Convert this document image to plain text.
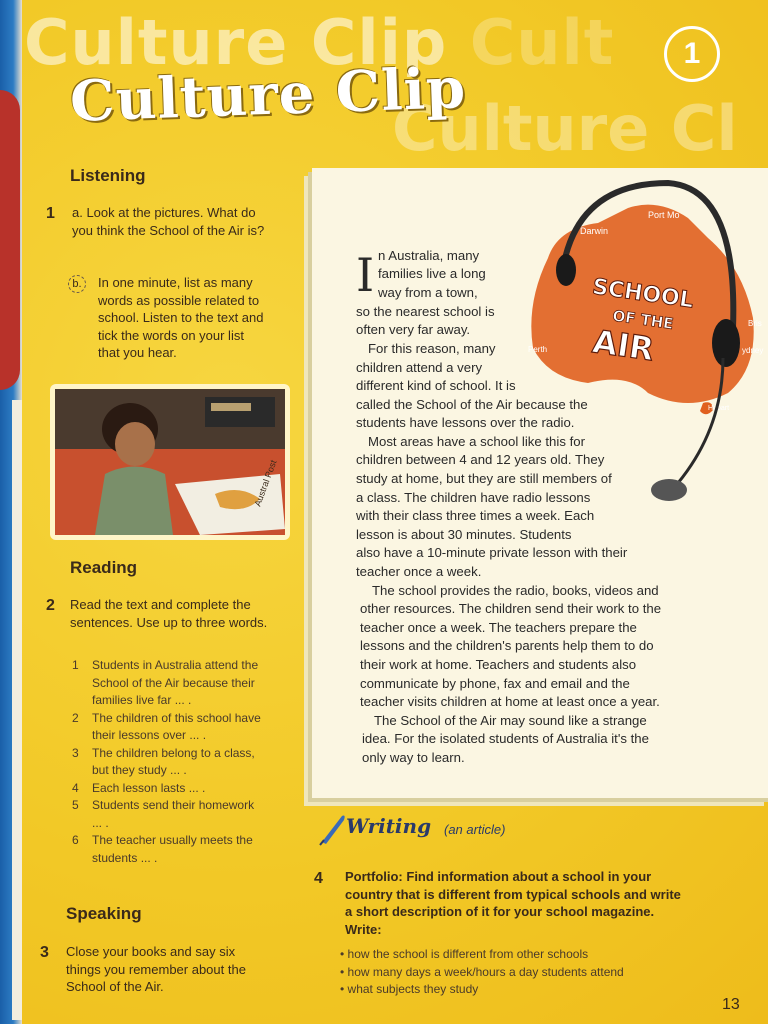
Culture Clip Cult
Culture Cl
Culture Clip
1
Listening
1 a. Look at the pictures. What do you think the School of the Air is?
b.	In one minute, list as many words as possible related to school. Listen to the text and tick the words on your list that you hear.
Austral Post
Reading
2 Read the text and complete the sentences. Use up to three words.
1	Students in Australia attend the School of the Air because their families live far ... .
2	The children of this school have their lessons over ... .
3	The children belong to a class, but they study ... .
4	Each lesson lasts ... .
5	Students send their homework ... .
6	The teacher usually meets the students ... .
Speaking
3 Close your books and say six things you remember about the School of the Air.
Darwin
Port Mo
Perth
Bris
ydney
Hobart
SCHOOL
OF THE
AIR
I n Australia, many
families live a long
way from a town,
so the nearest school is
often very far away.
For this reason, many
children attend a very
different kind of school. It is
called the School of the Air because the
students have lessons over the radio.
Most areas have a school like this for
children between 4 and 12 years old. They
study at home, but they are still members of
a class. The children have radio lessons
with their class three times a week. Each
lesson is about 30 minutes. Students
also have a 10-minute private lesson with their
teacher once a week.
The school provides the radio, books, videos and
other resources. The children send their work to the
teacher once a week. The teachers prepare the
lessons and the children's parents help them to do
their work at home. Teachers and students also
communicate by phone, fax and email and the
teacher visits children at home at least once a year.
The School of the Air may sound like a strange
idea. For the isolated students of Australia it's the
only way to learn.
Writing (an article)
4 Portfolio: Find information about a school in your country that is different from typical schools and write a short description of it for your school magazine. Write:
• how the school is different from other schools
• how many days a week/hours a day students attend
• what subjects they study
13
